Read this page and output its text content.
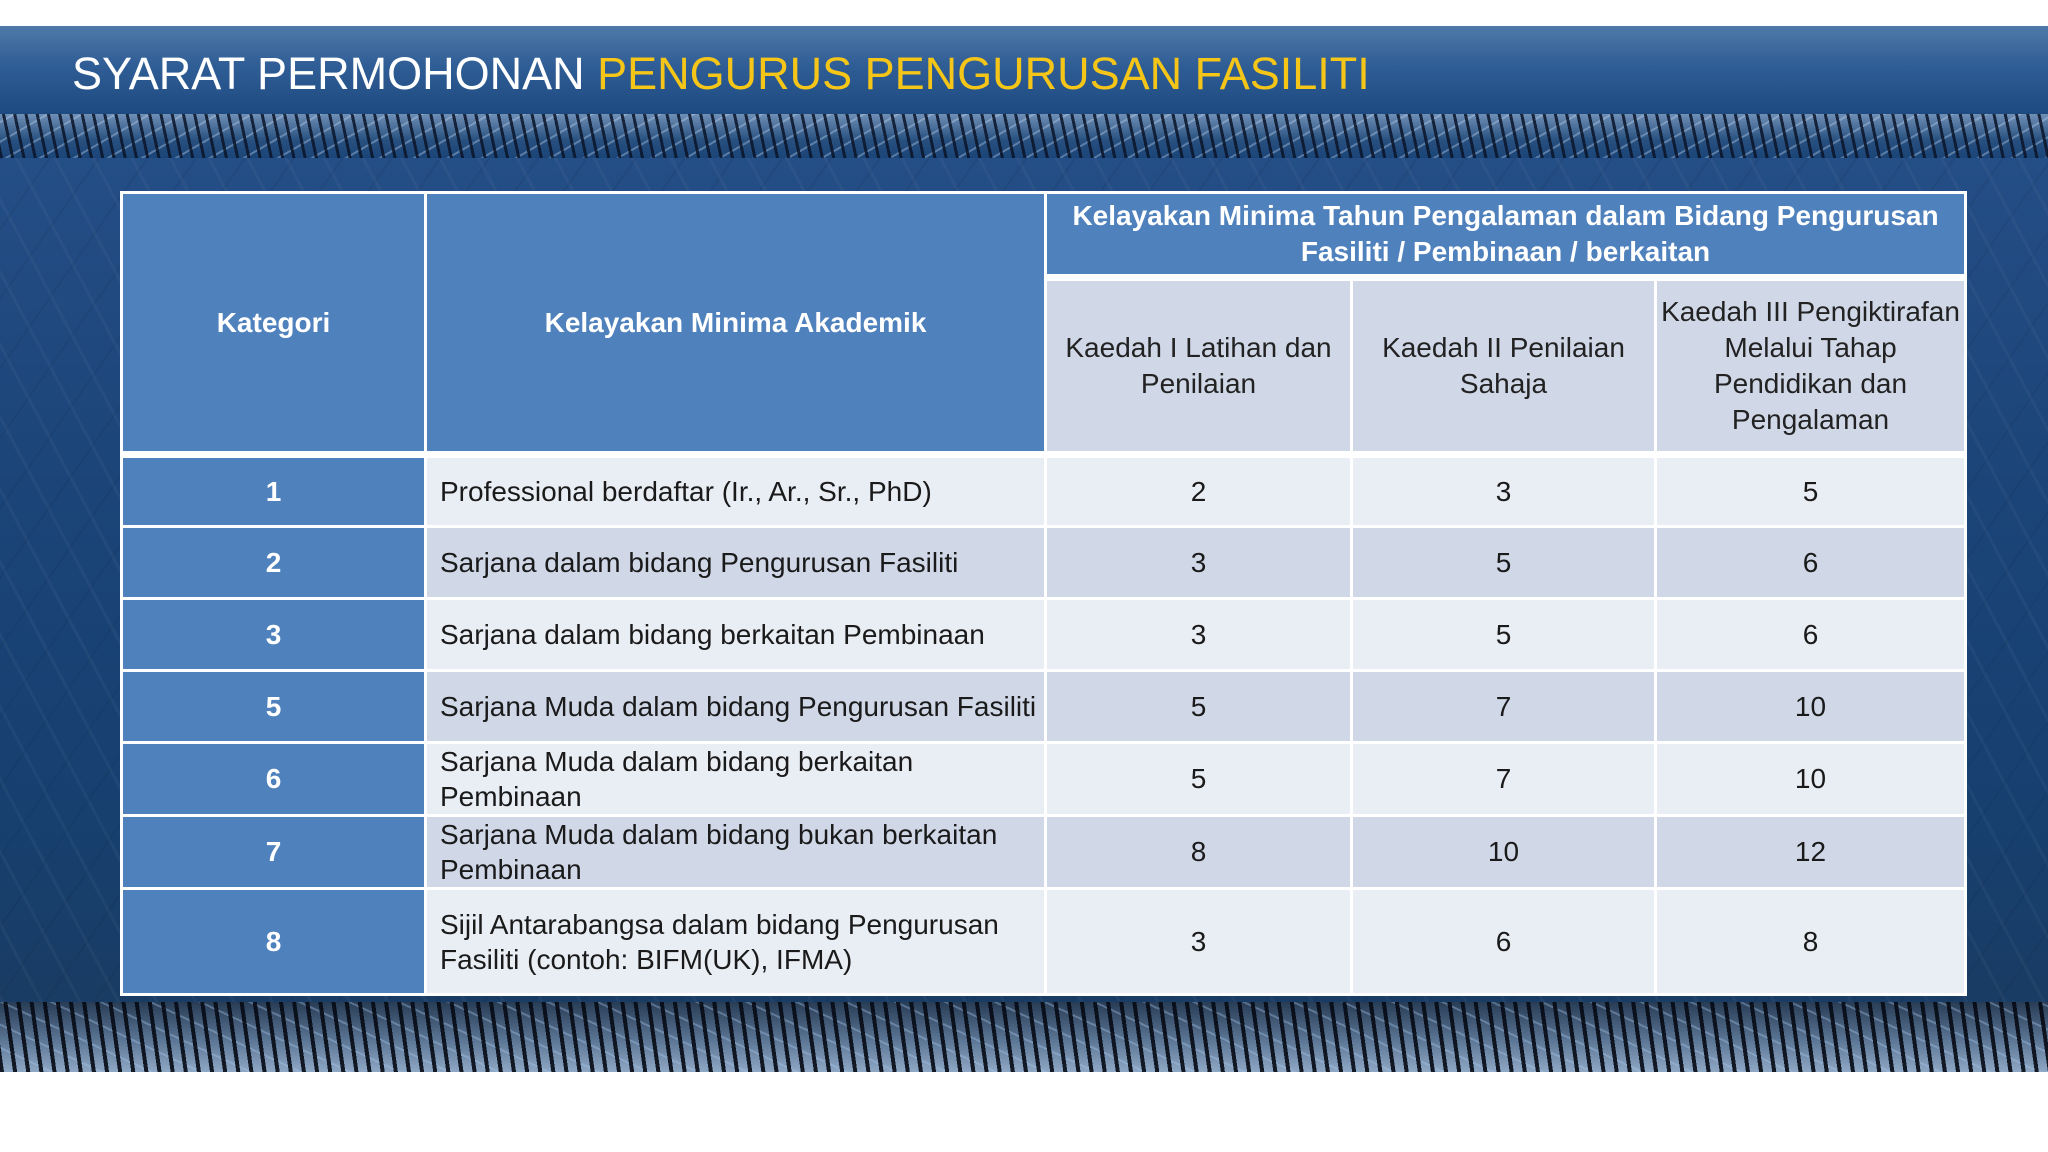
SYARAT PERMOHONAN PENGURUS PENGURUSAN FASILITI
Kategori	Kelayakan Minima Akademik	Kelayakan Minima Tahun Pengalaman dalam Bidang Pengurusan Fasiliti / Pembinaan / berkaitan		
		Kaedah I Latihan dan Penilaian	Kaedah II Penilaian Sahaja	Kaedah III Pengiktirafan Melalui Tahap Pendidikan dan Pengalaman
1	Professional berdaftar (Ir., Ar., Sr., PhD)	2	3	5
2	Sarjana dalam bidang Pengurusan Fasiliti	3	5	6
3	Sarjana dalam bidang berkaitan Pembinaan	3	5	6
5	Sarjana Muda dalam bidang Pengurusan Fasiliti	5	7	10
6	Sarjana Muda dalam bidang berkaitan Pembinaan	5	7	10
7	Sarjana Muda dalam bidang bukan berkaitan Pembinaan	8	10	12
8	Sijil Antarabangsa dalam bidang Pengurusan Fasiliti (contoh: BIFM(UK), IFMA)	3	6	8
